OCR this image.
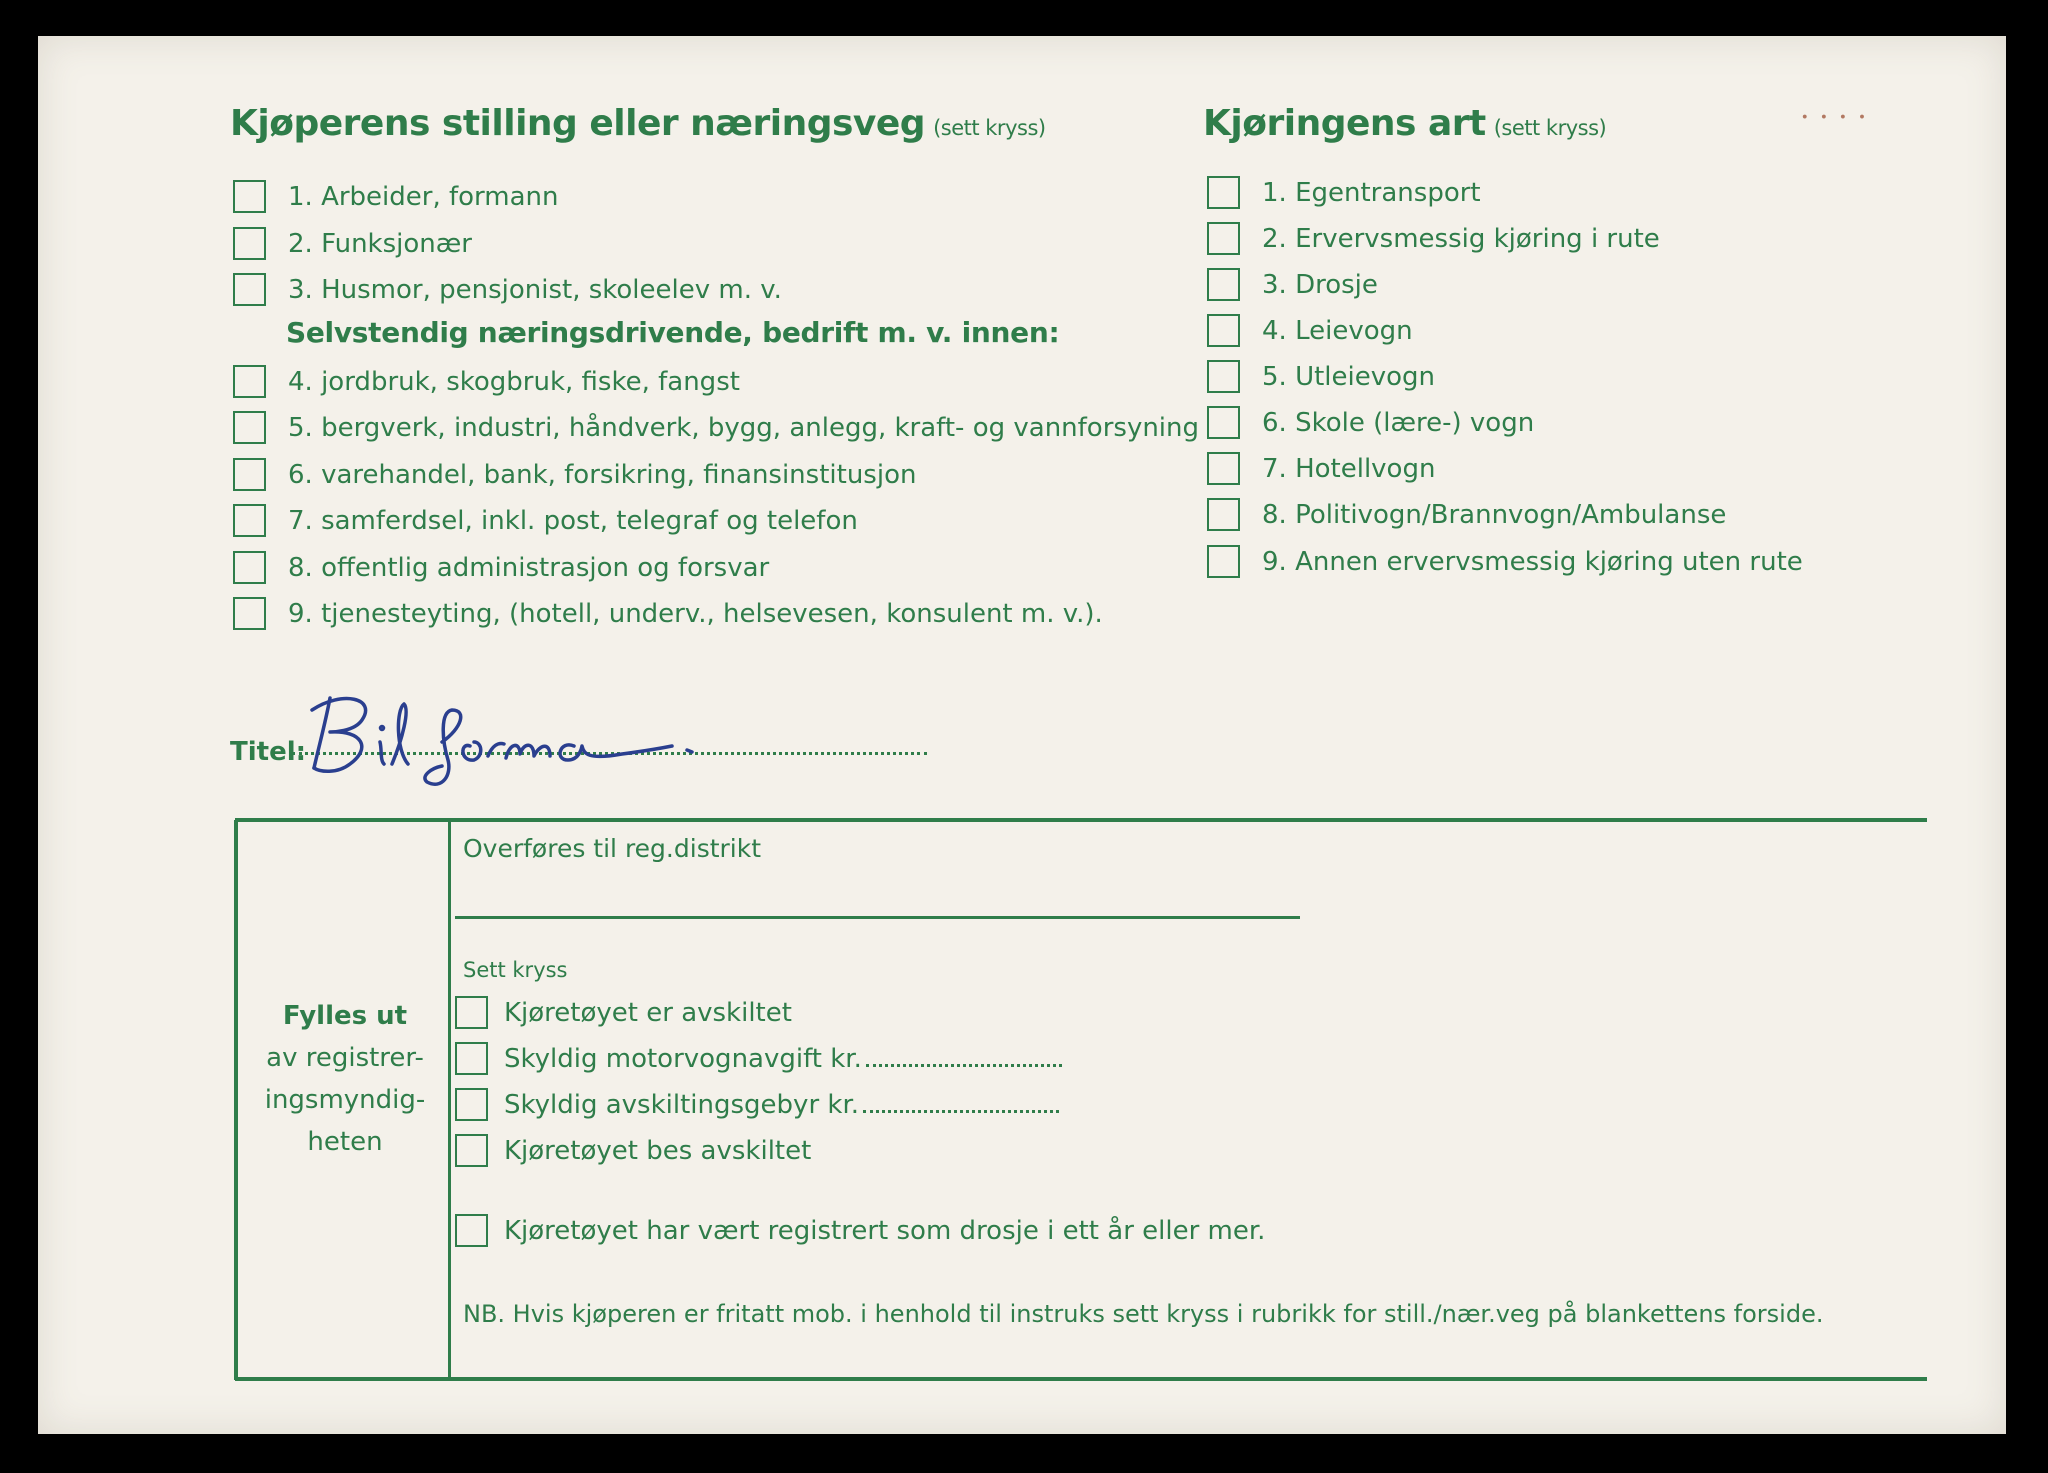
Kjøperens stilling eller næringsveg (sett kryss)
1. Arbeider, formann
2. Funksjonær
3. Husmor, pensjonist, skoleelev m. v.
Selvstendig næringsdrivende, bedrift m. v. innen:
4. jordbruk, skogbruk, fiske, fangst
5. bergverk, industri, håndverk, bygg, anlegg, kraft- og vannforsyning
6. varehandel, bank, forsikring, finansinstitusjon
7. samferdsel, inkl. post, telegraf og telefon
8. offentlig administrasjon og forsvar
9. tjenesteyting, (hotell, underv., helsevesen, konsulent m. v.).
Kjøringens art (sett kryss)	· · · ·
1. Egentransport
2. Ervervsmessig kjøring i rute
3. Drosje
4. Leievogn
5. Utleievogn
6. Skole (lære-) vogn
7. Hotellvogn
8. Politivogn/Brannvogn/Ambulanse
9. Annen ervervsmessig kjøring uten rute
Titel:
Overføres til reg.distrikt
Fylles ut
av registrer-
ingsmyndig-
heten
Sett kryss
Kjøretøyet er avskiltet
Skyldig motorvognavgift kr.
Skyldig avskiltingsgebyr kr.
Kjøretøyet bes avskiltet
Kjøretøyet har vært registrert som drosje i ett år eller mer.
NB. Hvis kjøperen er fritatt mob. i henhold til instruks sett kryss i rubrikk for still./nær.veg på blankettens forside.
